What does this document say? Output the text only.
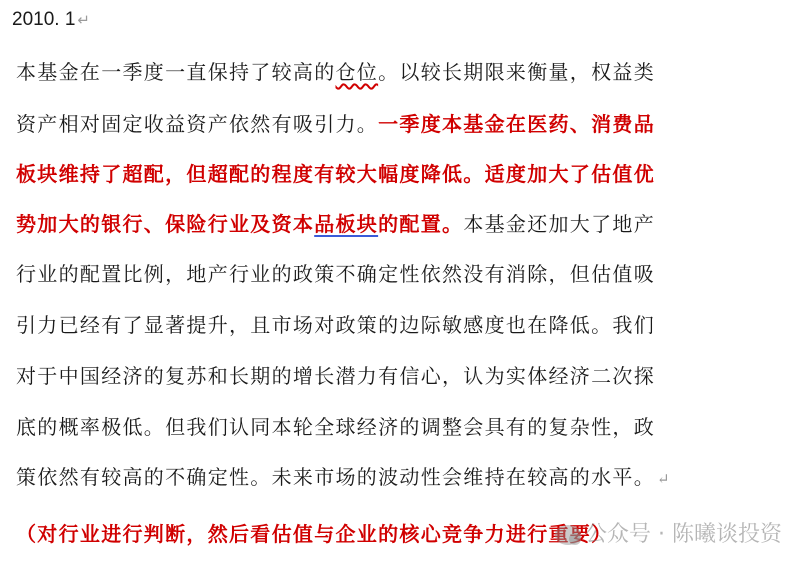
2010. 1 ↵
本基金在一季度一直保持了较高的仓位。以较长期限来衡量，权益类
资产相对固定收益资产依然有吸引力。一季度本基金在医药、消费品
板块维持了超配，但超配的程度有较大幅度降低。适度加大了估值优
势加大的银行、保险行业及资本品板块的配置。本基金还加大了地产
行业的配置比例，地产行业的政策不确定性依然没有消除，但估值吸
引力已经有了显著提升，且市场对政策的边际敏感度也在降低。我们
对于中国经济的复苏和长期的增长潜力有信心，认为实体经济二次探
底的概率极低。但我们认同本轮全球经济的调整会具有的复杂性，政
策依然有较高的不确定性。未来市场的波动性会维持在较高的水平。 ↵
（对行业进行判断，然后看估值与企业的核心竞争力进行重要）
公众号 · 陈曦谈投资
